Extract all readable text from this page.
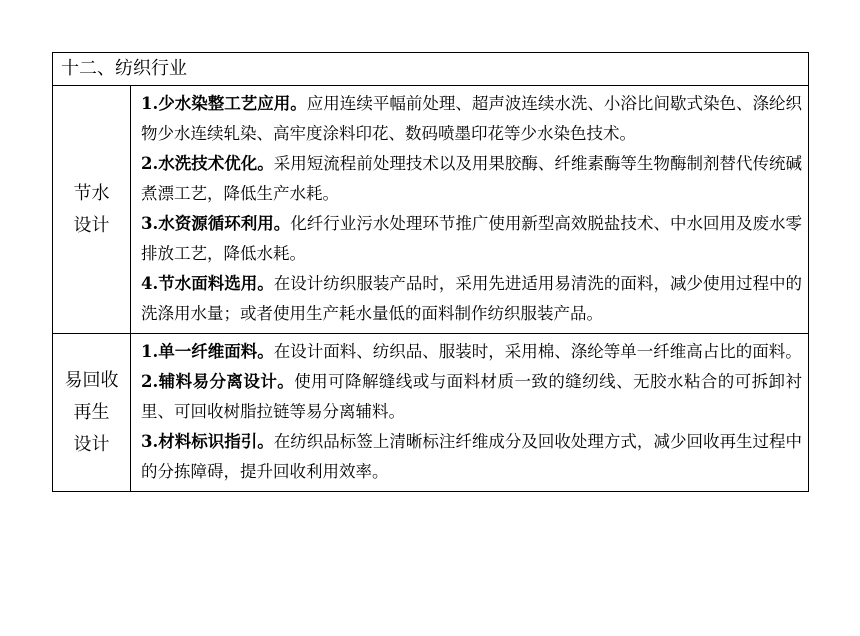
十二、纺织行业	

节水
设计	1.少水染整工艺应用。应用连续平幅前处理、超声波连续水洗、小浴比间歇式染色、涤纶织物少水连续轧染、高牢度涂料印花、数码喷墨印花等少水染色技术。
2.水洗技术优化。采用短流程前处理技术以及用果胶酶、纤维素酶等生物酶制剂替代传统碱煮漂工艺，降低生产水耗。
3.水资源循环利用。化纤行业污水处理环节推广使用新型高效脱盐技术、中水回用及废水零排放工艺，降低水耗。
4.节水面料选用。在设计纺织服装产品时，采用先进适用易清洗的面料，减少使用过程中的洗涤用水量；或者使用生产耗水量低的面料制作纺织服装产品。

易回收
再生
设计	1.单一纤维面料。在设计面料、纺织品、服装时，采用棉、涤纶等单一纤维高占比的面料。
2.辅料易分离设计。使用可降解缝线或与面料材质一致的缝纫线、无胶水粘合的可拆卸衬里、可回收树脂拉链等易分离辅料。
3.材料标识指引。在纺织品标签上清晰标注纤维成分及回收处理方式，减少回收再生过程中的分拣障碍，提升回收利用效率。
